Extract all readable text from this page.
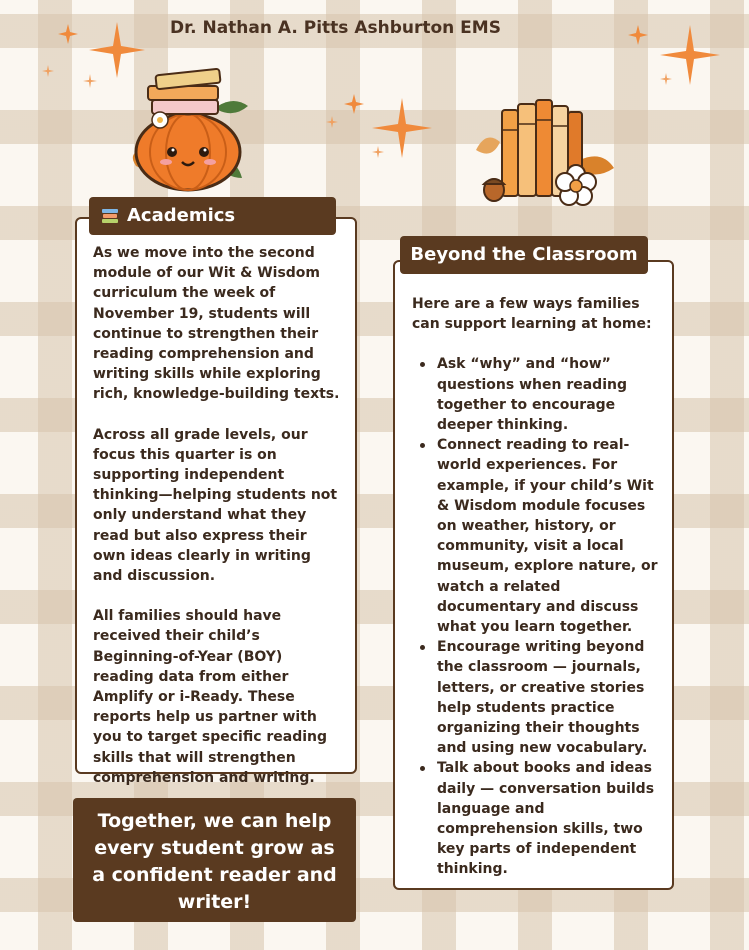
Dr. Nathan A. Pitts Ashburton EMS

As we move into the second module of our Wit & Wisdom curriculum the week of November 19, students will continue to strengthen their reading comprehension and writing skills while exploring rich, knowledge-building texts.

Across all grade levels, our focus this quarter is on supporting independent thinking—helping students not only understand what they read but also express their own ideas clearly in writing and discussion.

All families should have received their child’s Beginning-of-Year (BOY) reading data from either Amplify or i-Ready. These reports help us partner with you to target specific reading skills that will strengthen comprehension and writing.

Academics

Here are a few ways families can support learning at home:

Ask “why” and “how” questions when reading together to encourage deeper thinking.
Connect reading to real-world experiences. For example, if your child’s Wit & Wisdom module focuses on weather, history, or community, visit a local museum, explore nature, or watch a related documentary and discuss what you learn together.
Encourage writing beyond the classroom — journals, letters, or creative stories help students practice organizing their thoughts and using new vocabulary.
Talk about books and ideas daily — conversation builds language and comprehension skills, two key parts of independent thinking.
Beyond the Classroom
Together, we can help every student grow as a confident reader and writer!
